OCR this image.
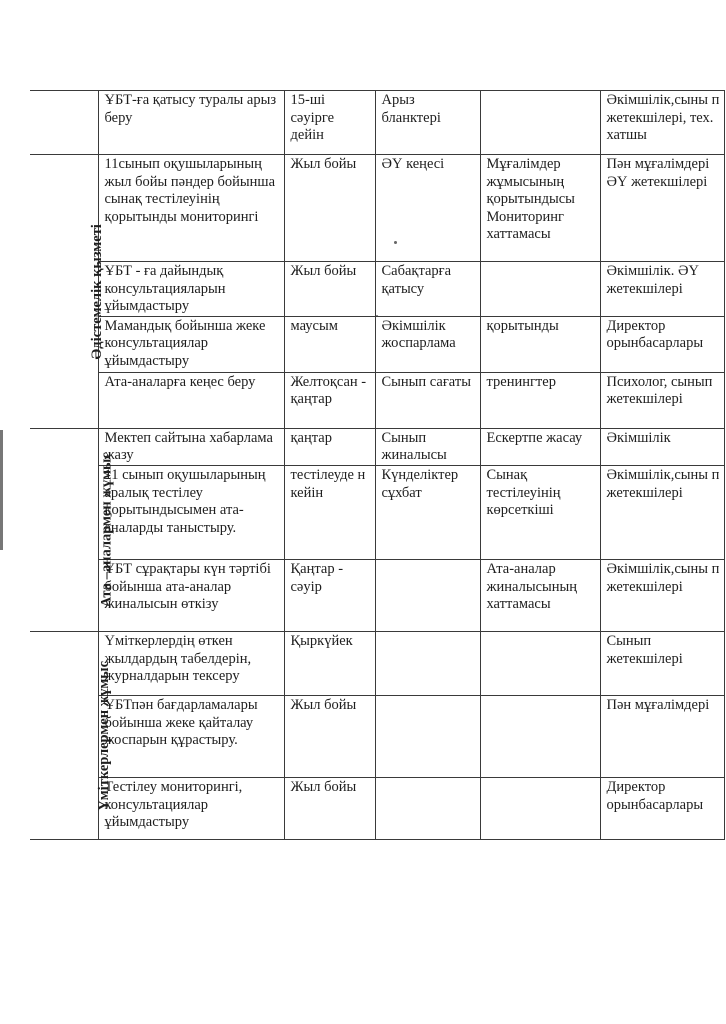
	ҰБТ-ға қатысу туралы арыз беру	15-ші сәуірге дейін	Арыз бланктері		Әкімшілік,сыны п жетекшілері, тех. хатшы
Әдістемелік қызметі	11сынып оқушыларының жыл бойы пәндер бойынша сынақ тестілеуінің қорытынды мониторингі	Жыл бойы	ӘҮ кеңесі	Мұғалімдер жұмысының қорытындысы Мониторинг хаттамасы	Пән мұғалімдері ӘҮ жетекшілері
	ҰБТ - ға дайындық консультацияларын ұйымдастыру	Жыл бойы	Сабақтарға қатысу		Әкімшілік. ӘҮ жетекшілері
	Мамандық бойынша жеке консультациялар ұйымдастыру	маусым	Әкімшілік жоспарлама	қорытынды	Директор орынбасарлары
	Ата-аналарға кеңес беру	Желтоқсан - қаңтар	Сынып сағаты	тренингтер	Психолог, сынып жетекшілері
Ата –аналармен жұмыс	Мектеп сайтына хабарлама жазу	қаңтар	Сынып жиналысы	Ескертпе жасау	Әкімшілік
	11 сынып оқушыларының аралық тестілеу қорытындысымен ата-аналарды таныстыру.	тестілеуде н кейін	Күнделіктер сұхбат	Сынақ тестілеуінің көрсеткіші	Әкімшілік,сыны п жетекшілері
	ҰБТ сұрақтары күн тәртібі бойынша ата-аналар жиналысын өткізу	Қаңтар - сәуір		Ата-аналар жиналысының хаттамасы	Әкімшілік,сыны п жетекшілері
Үміткерлермен жұмыс	Үміткерлердің өткен жылдардың табелдерін, журналдарын тексеру	Қыркүйек			Сынып жетекшілері
	ҰБТпән бағдарламалары бойынша жеке қайталау жоспарын құрастыру.	Жыл бойы			Пән мұғалімдері
	Тестілеу мониторингі, консультациялар ұйымдастыру	Жыл бойы			Директор орынбасарлары
